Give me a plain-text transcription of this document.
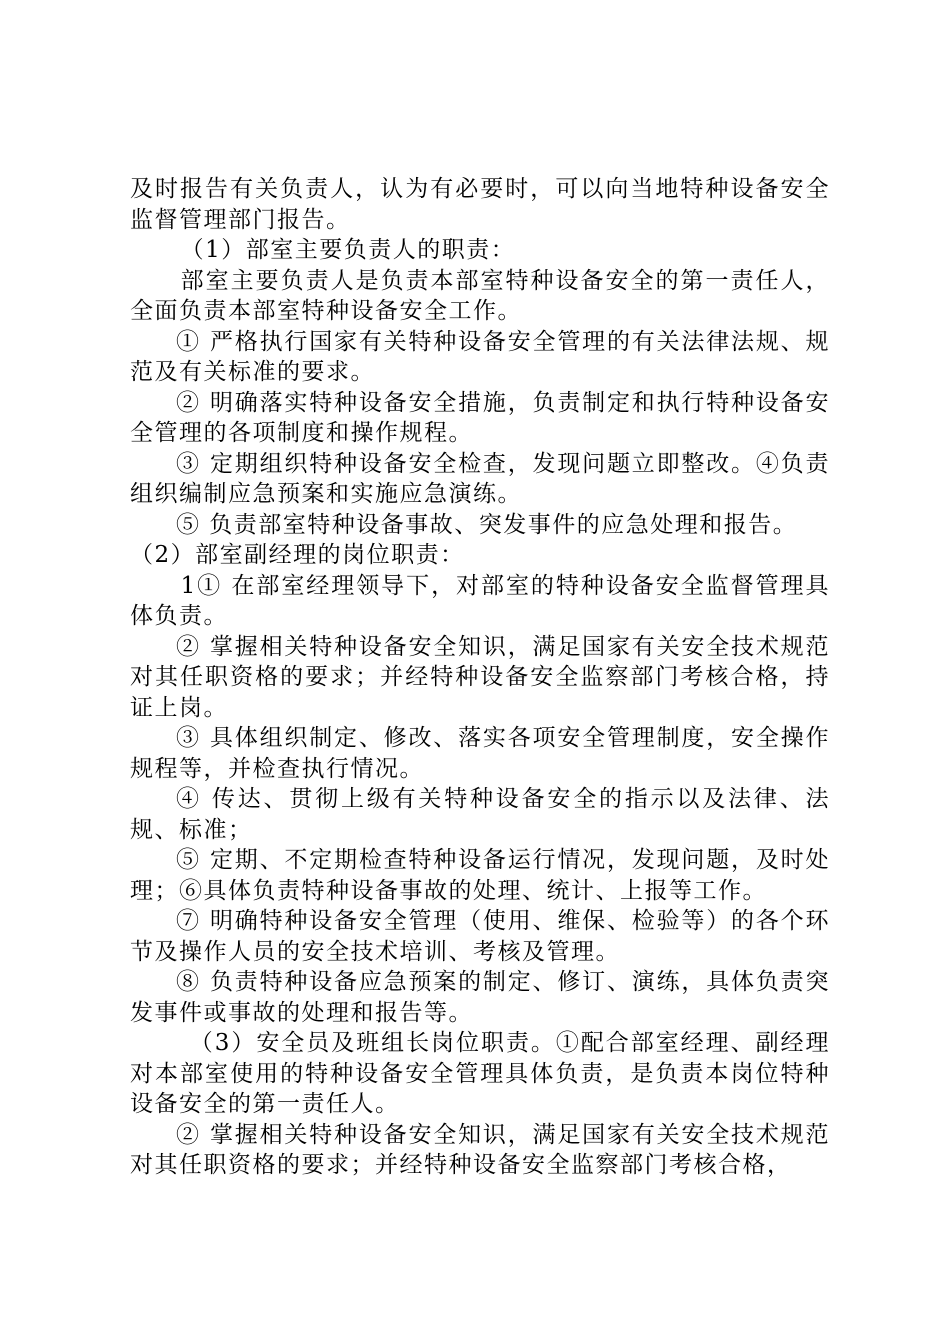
及时报告有关负责人，认为有必要时，可以向当地特种设备安全监督管理部门报告。

（1）部室主要负责人的职责：

部室主要负责人是负责本部室特种设备安全的第一责任人，全面负责本部室特种设备安全工作。

① 严格执行国家有关特种设备安全管理的有关法律法规、规范及有关标准的要求。

② 明确落实特种设备安全措施，负责制定和执行特种设备安全管理的各项制度和操作规程。

③ 定期组织特种设备安全检查，发现问题立即整改。④负责组织编制应急预案和实施应急演练。

⑤ 负责部室特种设备事故、突发事件的应急处理和报告。

（2）部室副经理的岗位职责：

1① 在部室经理领导下，对部室的特种设备安全监督管理具体负责。

② 掌握相关特种设备安全知识，满足国家有关安全技术规范对其任职资格的要求；并经特种设备安全监察部门考核合格，持证上岗。

③ 具体组织制定、修改、落实各项安全管理制度，安全操作规程等，并检查执行情况。

④ 传达、贯彻上级有关特种设备安全的指示以及法律、法规、标准；

⑤ 定期、不定期检查特种设备运行情况，发现问题，及时处理；⑥具体负责特种设备事故的处理、统计、上报等工作。

⑦ 明确特种设备安全管理（使用、维保、检验等）的各个环节及操作人员的安全技术培训、考核及管理。

⑧ 负责特种设备应急预案的制定、修订、演练，具体负责突发事件或事故的处理和报告等。

（3）安全员及班组长岗位职责。①配合部室经理、副经理对本部室使用的特种设备安全管理具体负责，是负责本岗位特种设备安全的第一责任人。

② 掌握相关特种设备安全知识，满足国家有关安全技术规范对其任职资格的要求；并经特种设备安全监察部门考核合格，
